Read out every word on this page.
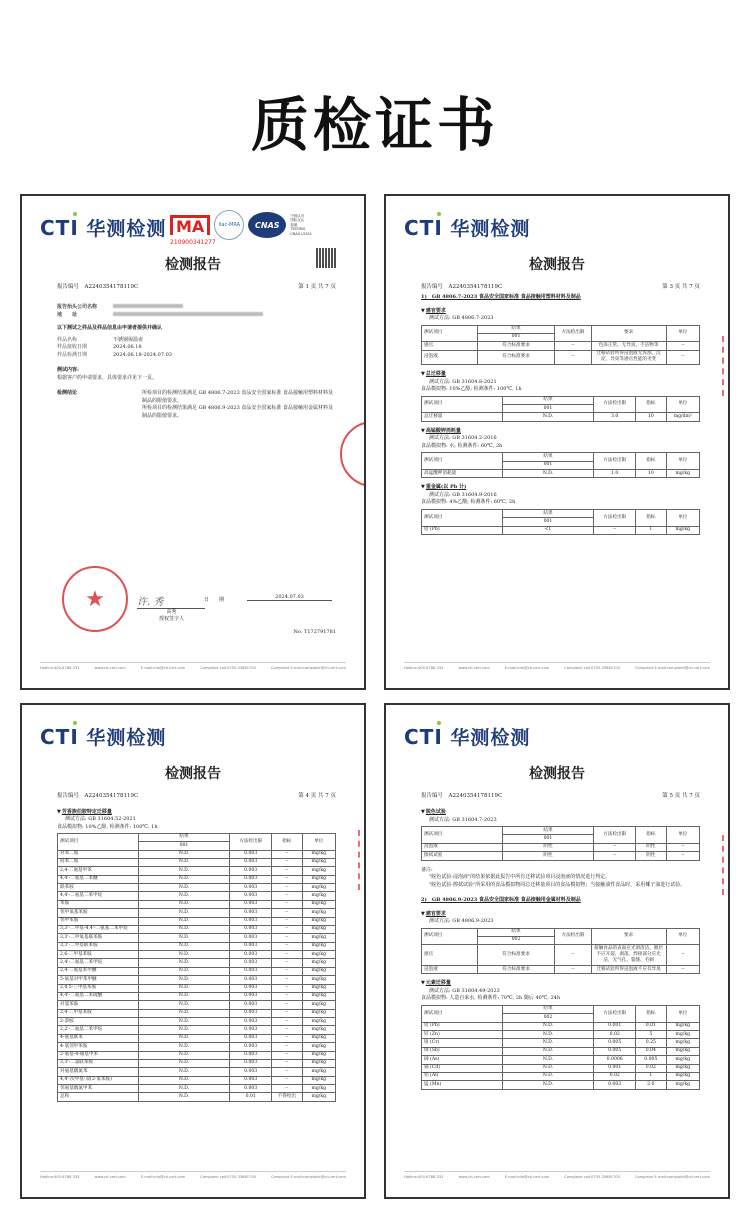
质检证书
CTI 华测检测 MA
210900341277
ilac-MRA	CNAS
中国认可
国际互认
检测
TESTING
CNAS L5341
检测报告
报告编号　 A2240354178119C	第 1 页 共 7 页
报告抬头公司名称
地　　址
以下测试之样品及样品信息由申请者提供并确认
样品名称	不锈钢保温壶
样品接收日期	2024.06.18
样品检测日期	2024.06.18-2024.07.03
测试内容:
根据客户的申请要求，具体要求详见下一页。
检测结论	所检项目的检测结果满足 GB 4806.7-2023 食品安全国家标准 食品接触用塑料材料及制品的限值要求。
所检项目的检测结果满足 GB 4806.9-2023 食品安全国家标准 食品接触用金属材料及制品的限值要求。
★	许. 秀
高秀
授权签字人
日　　期	2024.07.03
No. T172791781
Hotline:400-6788-333	www.cti-cert.com	E-mail:info@cti-cert.com	Complaint call:0755-33681700	Complaint E-mail:complaint@cti-cert.com
CTI 华测检测
检测报告
报告编号　 A2240354178119C	第 3 页 共 7 页
1)　GB 4806.7-2023 食品安全国家标准 食品接触用塑料材料及制品
▼ 感官要求
测试方法: GB 4806.7-2023
测试项目	结果	方法检出限	要求	单位
	001			
感官	符合标准要求	--	色泽正常，无异臭，不洁物等	--
浸泡液	符合标准要求	--	迁移试验所得浸泡液无浑浊、沉淀、异臭等感官性能的劣变	--
▼ 总迁移量
测试方法: GB 31604.8-2021
食品模拟物: 10%乙醇; 检测条件: 100℃, 1h
测试项目	结果	方法检出限	指标	单位
	001			
总迁移量	N.D.	3.0	10	mg/dm²
▼ 高锰酸钾消耗量
测试方法: GB 31604.2-2016
食品模拟物: 水; 检测条件: 60℃, 2h
测试项目	结果	方法检出限	指标	单位
	001			
高锰酸钾消耗量	N.D.	1.0	10	mg/kg
▼ 重金属(以 Pb 计)
测试方法: GB 31604.9-2016
食品模拟物: 4%乙酸; 检测条件: 60℃, 2h
测试项目	结果	方法检出限	指标	单位
	001			
铅 (Pb)	<1	--	1	mg/kg
Hotline:400-6788-333	www.cti-cert.com	E-mail:info@cti-cert.com	Complaint call:0755-33681700	Complaint E-mail:complaint@cti-cert.com
CTI 华测检测
检测报告
报告编号　 A2240354178119C	第 4 页 共 7 页
▼ 芳香族伯胺特定迁移量
测试方法: GB 31604.52-2021
食品模拟物: 10%乙醇, 检测条件: 100℃, 1h
测试项目	结果	方法检出限	指标	单位
	001			
对苯二胺	N.D.	0.003	--	mg/kg
间苯二胺	N.D.	0.003	--	mg/kg
2,4-二氨基甲苯	N.D.	0.003	--	mg/kg
4,4'-二氨基二苯醚	N.D.	0.003	--	mg/kg
联苯胺	N.D.	0.003	--	mg/kg
4,4'-二氨基二苯甲烷	N.D.	0.003	--	mg/kg
苯胺	N.D.	0.003	--	mg/kg
邻甲氧基苯胺	N.D.	0.003	--	mg/kg
邻甲苯胺	N.D.	0.003	--	mg/kg
3,3'-二甲基-4,4'-二氨基二苯甲烷	N.D.	0.003	--	mg/kg
3,3'-二甲氧基联苯胺	N.D.	0.003	--	mg/kg
3,3'-二甲基联苯胺	N.D.	0.003	--	mg/kg
2,6-二甲基苯胺	N.D.	0.003	--	mg/kg
2,4'-二氨基二苯甲烷	N.D.	0.003	--	mg/kg
2,4-二氨基苯甲醚	N.D.	0.003	--	mg/kg
5-氨基对甲苯甲醚	N.D.	0.003	--	mg/kg
2,4,5-三甲基苯胺	N.D.	0.003	--	mg/kg
4,4'-二氨基二苯硫醚	N.D.	0.003	--	mg/kg
对氯苯胺	N.D.	0.003	--	mg/kg
2,4-二甲基苯胺	N.D.	0.003	--	mg/kg
2-萘胺	N.D.	0.003	--	mg/kg
2,2'-二氨基二苯甲烷	N.D.	0.003	--	mg/kg
4-氨基联苯	N.D.	0.003	--	mg/kg
4-氯邻甲苯胺	N.D.	0.003	--	mg/kg
2-氨基-4-硝基甲苯	N.D.	0.003	--	mg/kg
3,3'-二氯联苯胺	N.D.	0.003	--	mg/kg
对氨基偶氮苯	N.D.	0.003	--	mg/kg
4,4'-次甲基-双(2-氯苯胺)	N.D.	0.003	--	mg/kg
邻氨基偶氮甲苯	N.D.	0.003	--	mg/kg
总和	N.D.	0.01	不得检出	mg/kg
Hotline:400-6788-333	www.cti-cert.com	E-mail:info@cti-cert.com	Complaint call:0755-33681700	Complaint E-mail:complaint@cti-cert.com
CTI 华测检测
检测报告
报告编号　 A2240354178119C	第 5 页 共 7 页
▼ 脱色试验
测试方法: GB 31604.7-2023
测试项目	结果	方法检出限	指标	单位
	001			
浸泡液	阴性	--	阴性	--
擦拭试验	阴性	--	阴性	--
备注:
"脱色试验-浸泡液"的结果依据此报告中所有迁移试验项目浸泡液的情况进行判定。
"脱色试验-擦拭试验"所采用的食品模拟物同总迁移量项目的食品模拟物；当接触油性食品时，采用椰子油进行试验。
2)　GB 4806.9-2023 食品安全国家标准 食品接触用金属材料及制品
▼ 感官要求
测试方法: GB 4806.9-2023
测试项目	结果	方法检出限	要求	单位
	002			
感官	符合标准要求	--	接触食品的表面应光滑清洁，镀层不应开裂、剥落，焊接部分应光洁，无气孔、裂缝、毛刺	--
浸泡液	符合标准要求	--	迁移试验所得浸泡液不应有异臭	--
▼ 元素迁移量
测试方法: GB 31604.49-2023
食品模拟物: 人造自来水, 检测条件: 70℃, 2h 随后 40℃, 24h
测试项目	结果	方法检出限	指标	单位
	002			
铅 (Pb)	N.D.	0.001	0.01	mg/kg
锌 (Zn)	N.D.	0.02	5	mg/kg
铬 (Cr)	N.D.	0.005	0.25	mg/kg
锑 (Sb)	N.D.	0.005	0.04	mg/kg
砷 (As)	N.D.	0.0006	0.005	mg/kg
镉 (Cd)	N.D.	0.001	0.02	mg/kg
铝 (Al)	N.D.	0.02	1	mg/kg
锰 (Mn)	N.D.	0.003	2.0	mg/kg
Hotline:400-6788-333	www.cti-cert.com	E-mail:info@cti-cert.com	Complaint call:0755-33681700	Complaint E-mail:complaint@cti-cert.com
